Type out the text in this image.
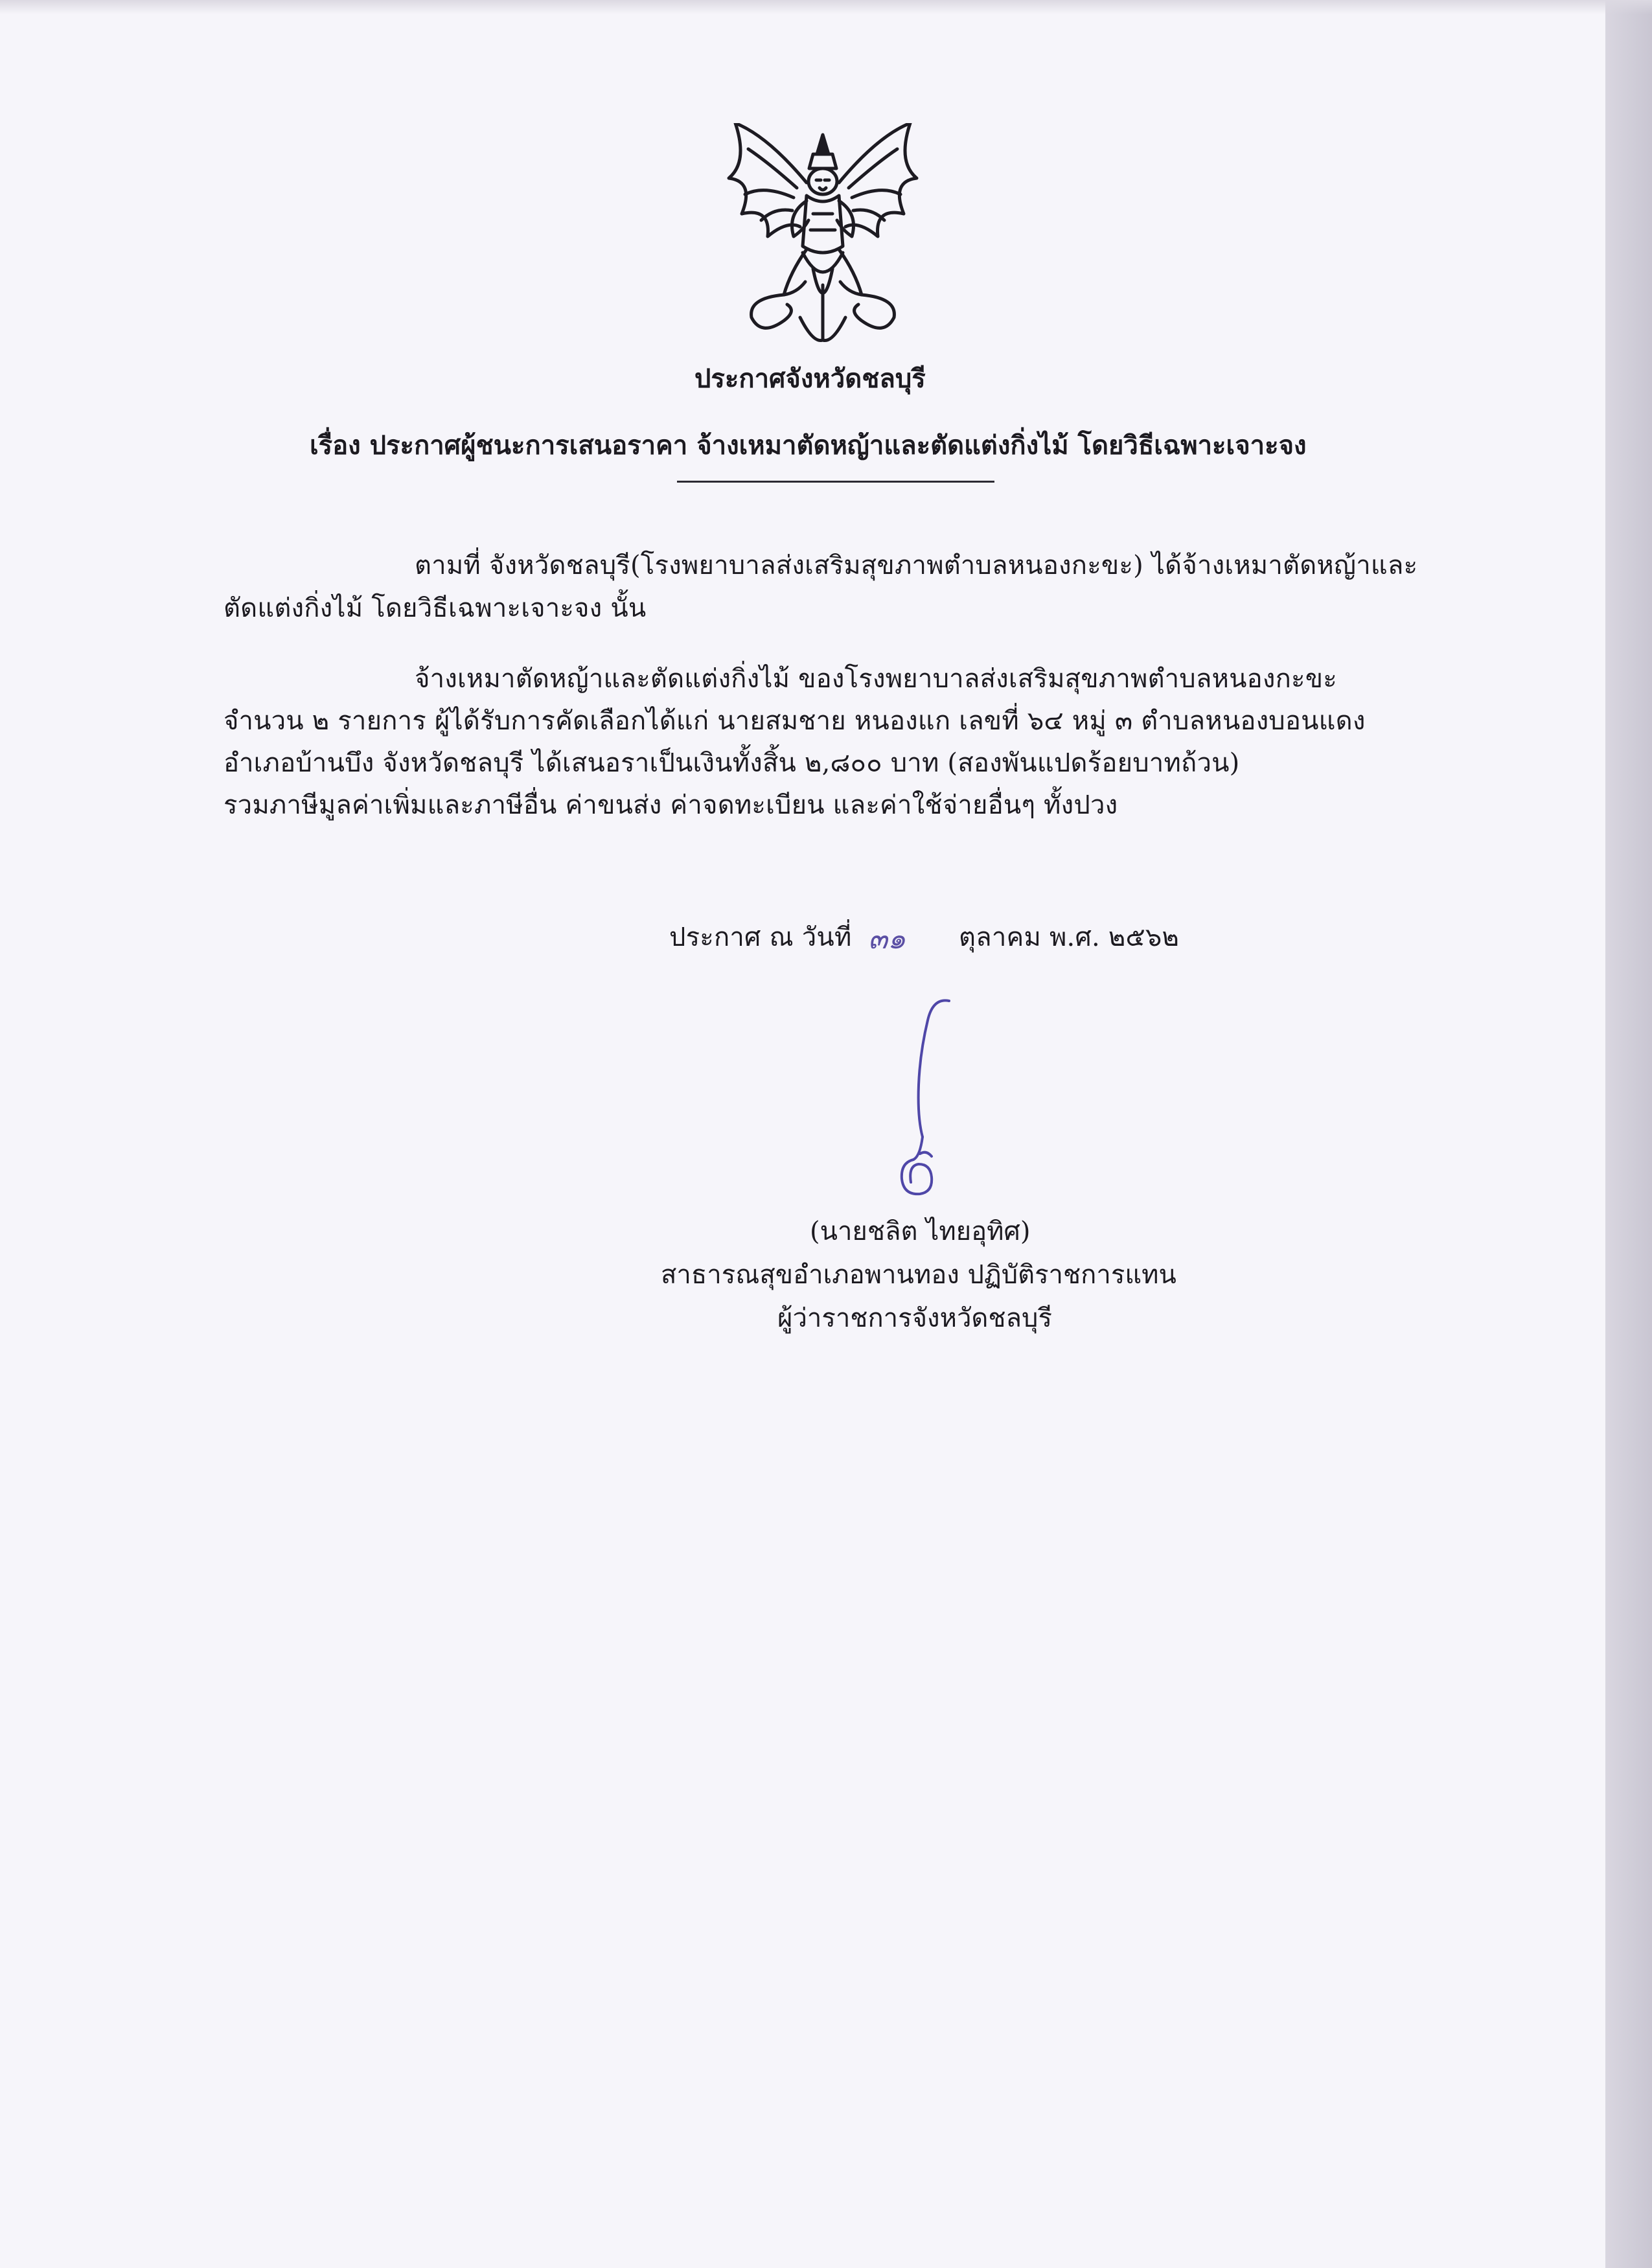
ประกาศจังหวัดชลบุรี
เรื่อง ประกาศผู้ชนะการเสนอราคา จ้างเหมาตัดหญ้าและตัดแต่งกิ่งไม้ โดยวิธีเฉพาะเจาะจง
ตามที่ จังหวัดชลบุรี(โรงพยาบาลส่งเสริมสุขภาพตำบลหนองกะขะ) ได้จ้างเหมาตัดหญ้าและ
ตัดแต่งกิ่งไม้ โดยวิธีเฉพาะเจาะจง นั้น
จ้างเหมาตัดหญ้าและตัดแต่งกิ่งไม้ ของโรงพยาบาลส่งเสริมสุขภาพตำบลหนองกะขะ
จำนวน ๒ รายการ ผู้ได้รับการคัดเลือกได้แก่ นายสมชาย หนองแก เลขที่ ๖๔ หมู่ ๓ ตำบลหนองบอนแดง
อำเภอบ้านบึง จังหวัดชลบุรี ได้เสนอราเป็นเงินทั้งสิ้น ๒,๘๐๐ บาท (สองพันแปดร้อยบาทถ้วน)
รวมภาษีมูลค่าเพิ่มและภาษีอื่น ค่าขนส่ง ค่าจดทะเบียน และค่าใช้จ่ายอื่นๆ ทั้งปวง
ประกาศ ณ วันที่ ๓๑ ตุลาคม พ.ศ. ๒๕๖๒
(นายชลิต ไทยอุทิศ)
สาธารณสุขอำเภอพานทอง ปฏิบัติราชการแทน
ผู้ว่าราชการจังหวัดชลบุรี
